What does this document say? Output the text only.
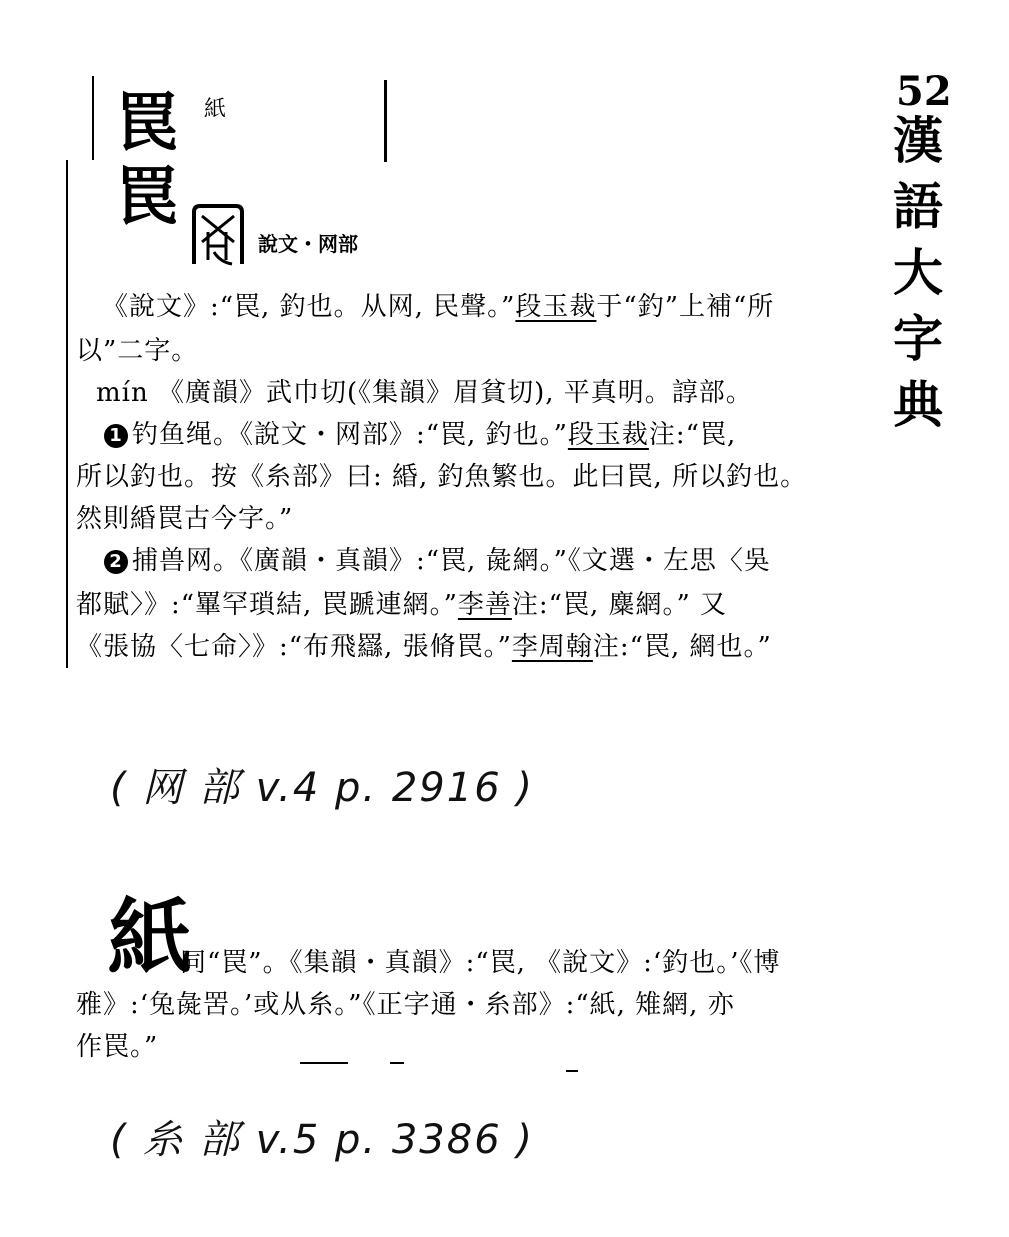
52
漢
語
大
字
典
罠 紙
罠
說文・网部
《說文》:“罠, 釣也。从网, 民聲。”段玉裁于“釣”上補“所
以”二字。
mín 《廣韻》武巾切(《集韻》眉貧切), 平真明。諄部。
1 钓鱼绳。《說文・网部》:“罠, 釣也。”段玉裁注:“罠,
所以釣也。按《糸部》曰: 緍, 釣魚繁也。此曰罠, 所以釣也。
然則緍罠古今字。”
2 捕兽网。《廣韻・真韻》:“罠, 彘網。”《文選・左思〈吳
都賦〉》:“罼罕瑣結, 罠蹏連網。”李善注:“罠, 麋網。” 又
《張協〈七命〉》:“布飛羉, 張脩罠。”李周翰注:“罠, 網也。”
( 网 部 v.4 p. 2916 )
紙
同“罠”。《集韻・真韻》:“罠, 《說文》:‘釣也。’《博
雅》:‘兔彘罟。’或从糸。”《正字通・糸部》:“紙, 雉網, 亦
作罠。”
( 糸 部 v.5 p. 3386 )
